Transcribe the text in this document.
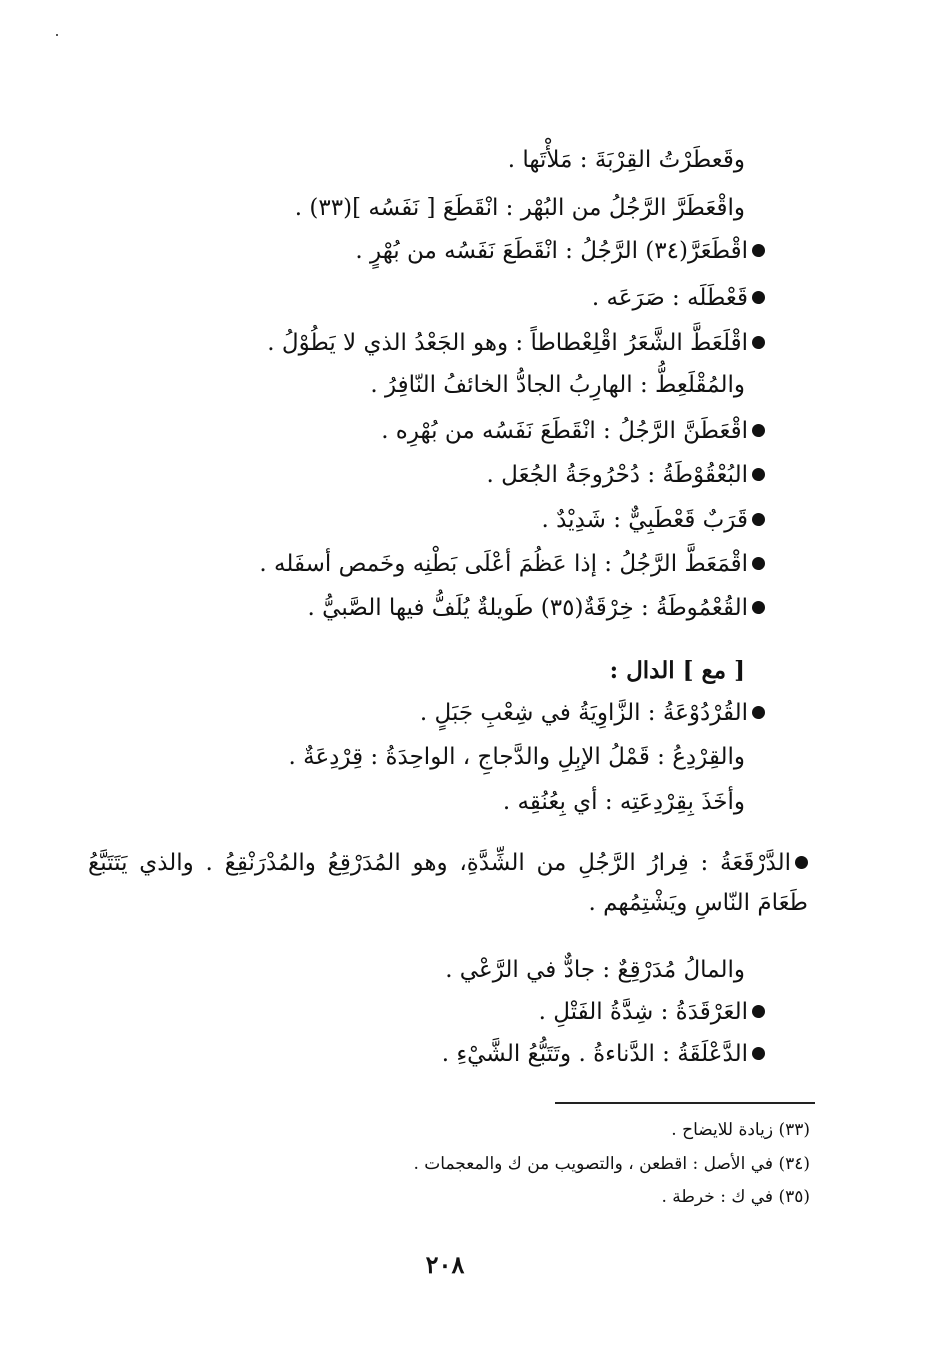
وقَعطَرْتُ القِرْبَةَ : مَلأْتَها .
واقْعَطَرَّ الرَّجُلُ من البُهْر : انْقَطَعَ [ نَفَسُه ](٣٣) .
اقْطَعَرَّ(٣٤) الرَّجُلُ : انْقَطَعَ نَفَسُه من بُهْرٍ .
قَعْطَلَه : صَرَعَه .
اقْلَعَطَّ الشَّعَرُ اقْلِعْطاطاً : وهو الجَعْدُ الذي لا يَطُوْلُ .
والمُقْلَعِطُّ : الهارِبُ الجادُّ الخائفُ النّافِرُ .
اقْعَطَنَّ الرَّجُلُ : انْقَطَعَ نَفَسُه من بُهْرِه .
البُعْقُوْطَةُ : دُحْرُوجَةُ الجُعَل .
قَرَبٌ قَعْطَبِيٌّ : شَدِيْدٌ .
اقْمَعَطَّ الرَّجُلُ : إذا عَظُمَ أعْلَى بَطْنِه وخَمص أسفَله .
القُعْمُوطَةُ : خِرْقَةٌ(٣٥) طَويلةٌ يُلَفُّ فيها الصَّبيُّ .
[ مع ] الدال :
القُرْدُوْعَةُ : الزَّاوِيَةُ في شِعْبِ جَبَلٍ .
والقِرْدِعُ : قَمْلُ الإبِلِ والدَّجاجِ ، الواحِدَةُ : قِرْدِعَةٌ .
وأخَذَ بِقِرْدِعَتِه : أي بِعُنُقِه .
الدَّرْقَعَةُ : فِرارُ الرَّجُلِ من الشِّدَّةِ، وهو المُدَرْقِعُ والمُدْرَنْقِعُ . والذي يَتَتَبَّعُ طَعَامَ النّاسِ ويَشْتِمُهم .
والمالُ مُدَرْقِعٌ : جادٌّ في الرَّعْي .
العَرْقَدَةُ : شِدَّةُ الفَتْلِ .
الدَّعْلَقَةُ : الدَّناءةُ . وتَتَبُّعُ الشَّيْءِ .
(٣٣) زيادة للايضاح .
(٣٤) في الأصل : اقطعن ، والتصويب من ك والمعجمات .
(٣٥) في ك : خرطة .
٢٠٨
